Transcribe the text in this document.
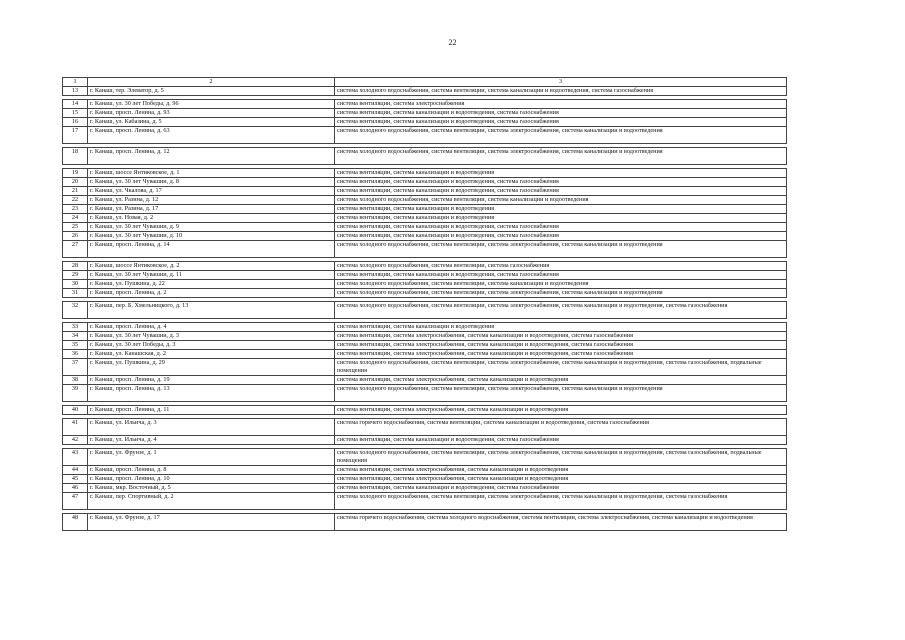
22
1	2	3
13	г. Канаш, тер. Элеватор, д. 5	система холодного водоснабжения, система вентиляции, система канализации и водоотведения, система газоснабжения

14	г. Канаш, ул. 30 лет Победы, д. 96	система вентиляции, система электроснабжения
15	г. Канаш, просп. Ленина, д. 93	система вентиляции, система канализации и водоотведения, система газоснабжения
16	г. Канаш, ул. Кабазина, д. 5	система вентиляции, система канализации и водоотведения, система газоснабжения
17	г. Канаш, просп. Ленина, д. 63	система холодного водоснабжения, система вентиляции, система электроснабжения, система канализации и водоотведения

18	г. Канаш, просп. Ленина, д. 12	система холодного водоснабжения, система вентиляции, система электроснабжения, система канализации и водоотведения

19	г. Канаш, шоссе Янтиковское, д. 1	система вентиляции, система канализации и водоотведения
20	г. Канаш, ул. 30 лет Чувашии, д. 8	система вентиляции, система канализации и водоотведения, система газоснабжения
21	г. Канаш, ул. Чкалова, д. 17	система вентиляции, система канализации и водоотведения, система газоснабжения
22	г. Канаш, ул. Разина, д. 12	система холодного водоснабжения, система вентиляции, система канализации и водоотведения
23	г. Канаш, ул. Разина, д. 17	система вентиляции, система канализации и водоотведения
24	г. Канаш, ул. Новая, д. 2	система вентиляции, система канализации и водоотведения
25	г. Канаш, ул. 30 лет Чувашии, д. 9	система вентиляции, система канализации и водоотведения, система газоснабжения
26	г. Канаш, ул. 30 лет Чувашии, д. 10	система вентиляции, система канализации и водоотведения, система газоснабжения
27	г. Канаш, просп. Ленина, д. 14	система холодного водоснабжения, система вентиляции, система электроснабжения, система канализации и водоотведения

28	г. Канаш, шоссе Янтиковское, д. 2	система холодного водоснабжения, система вентиляции, система газоснабжения
29	г. Канаш, ул. 30 лет Чувашии, д. 11	система вентиляции, система канализации и водоотведения, система газоснабжения
30	г. Канаш, ул. Пушкина, д. 22	система холодного водоснабжения, система вентиляции, система канализации и водоотведения
31	г. Канаш, просп. Ленина, д. 2	система холодного водоснабжения, система вентиляции, система электроснабжения, система канализации и водоотведения

32	г. Канаш, пер. Б. Хмельницкого, д. 13	система холодного водоснабжения, система вентиляции, система электроснабжения, система канализации и водоотведения, система газоснабжения

33	г. Канаш, просп. Ленина, д. 4	система вентиляции, система канализации и водоотведения
34	г. Канаш, ул. 30 лет Чувашии, д. 3	система вентиляции, система электроснабжения, система канализации и водоотведения, система газоснабжения
35	г. Канаш, ул. 30 лет Победы, д. 3	система вентиляции, система электроснабжения, система канализации и водоотведения, система газоснабжения
36	г. Канаш, ул. Канашская, д. 2	система вентиляции, система электроснабжения, система канализации и водоотведения, система газоснабжения
37	г. Канаш, ул. Пушкина, д. 29	система холодного водоснабжения, система вентиляции, система электроснабжения, система канализации и водоотведения, система газоснабжения, подвальные помещения
38	г. Канаш, просп. Ленина, д. 19	система вентиляции, система электроснабжения, система канализации и водоотведения
39	г. Канаш, просп. Ленина, д. 13	система холодного водоснабжения, система вентиляции, система электроснабжения, система канализации и водоотведения

40	г. Канаш, просп. Ленина, д. 11	система вентиляции, система электроснабжения, система канализации и водоотведения

41	г. Канаш, ул. Ильича, д. 3	система горячего водоснабжения, система вентиляции, система канализации и водоотведения, система газоснабжения
42	г. Канаш, ул. Ильича, д. 4	система вентиляции, система канализации и водоотведения, система газоснабжения

43	г. Канаш, ул. Фрунзе, д. 1	система холодного водоснабжения, система вентиляции, система электроснабжения, система канализации и водоотведения, система газоснабжения, подвальные помещения
44	г. Канаш, просп. Ленина, д. 8	система вентиляции, система электроснабжения, система канализации и водоотведения
45	г. Канаш, просп. Ленина, д. 10	система вентиляции, система электроснабжения, система канализации и водоотведения
46	г. Канаш, мкр. Восточный, д. 5	система вентиляции, система канализации и водоотведения, система газоснабжения
47	г. Канаш, пер. Спортивный, д. 2	система холодного водоснабжения, система вентиляции, система электроснабжения, система канализации и водоотведения, система газоснабжения

48	г. Канаш, ул. Фрунзе, д. 17	система горячего водоснабжения, система холодного водоснабжения, система вентиляции, система электроснабжения, система канализации и водоотведения
